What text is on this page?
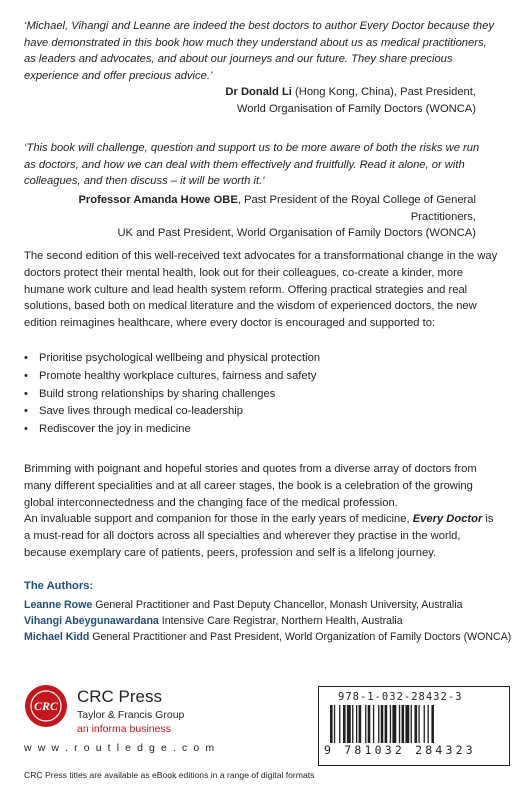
‘Michael, Vihangi and Leanne are indeed the best doctors to author Every Doctor because they have demonstrated in this book how much they understand about us as medical practitioners, as leaders and advocates, and about our journeys and our future. They share precious experience and offer precious advice.’
Dr Donald Li (Hong Kong, China), Past President,
World Organisation of Family Doctors (WONCA)
‘This book will challenge, question and support us to be more aware of both the risks we run as doctors, and how we can deal with them effectively and fruitfully. Read it alone, or with colleagues, and then discuss – it will be worth it.’
Professor Amanda Howe OBE, Past President of the Royal College of General Practitioners,
UK and Past President, World Organisation of Family Doctors (WONCA)
The second edition of this well-received text advocates for a transformational change in the way doctors protect their mental health, look out for their colleagues, co-create a kinder, more humane work culture and lead health system reform. Offering practical strategies and real solutions, based both on medical literature and the wisdom of experienced doctors, the new edition reimagines healthcare, where every doctor is encouraged and supported to:
• Prioritise psychological wellbeing and physical protection
• Promote healthy workplace cultures, fairness and safety
• Build strong relationships by sharing challenges
• Save lives through medical co-leadership
• Rediscover the joy in medicine
Brimming with poignant and hopeful stories and quotes from a diverse array of doctors from many different specialities and at all career stages, the book is a celebration of the growing global interconnectedness and the changing face of the medical profession.
An invaluable support and companion for those in the early years of medicine, Every Doctor is a must-read for all doctors across all specialties and wherever they practise in the world, because exemplary care of patients, peers, profession and self is a lifelong journey.
The Authors:
Leanne Rowe General Practitioner and Past Deputy Chancellor, Monash University, Australia
Vihangi Abeygunawardana Intensive Care Registrar, Northern Health, Australia
Michael Kidd General Practitioner and Past President, World Organization of Family Doctors (WONCA)
CRC CRC Press
Taylor & Francis Group
an informa business
w w w . r o u t l e d g e . c o m
CRC Press titles are available as eBook editions in a range of digital formats
978-1-032-28432-3
9 781032 284323
